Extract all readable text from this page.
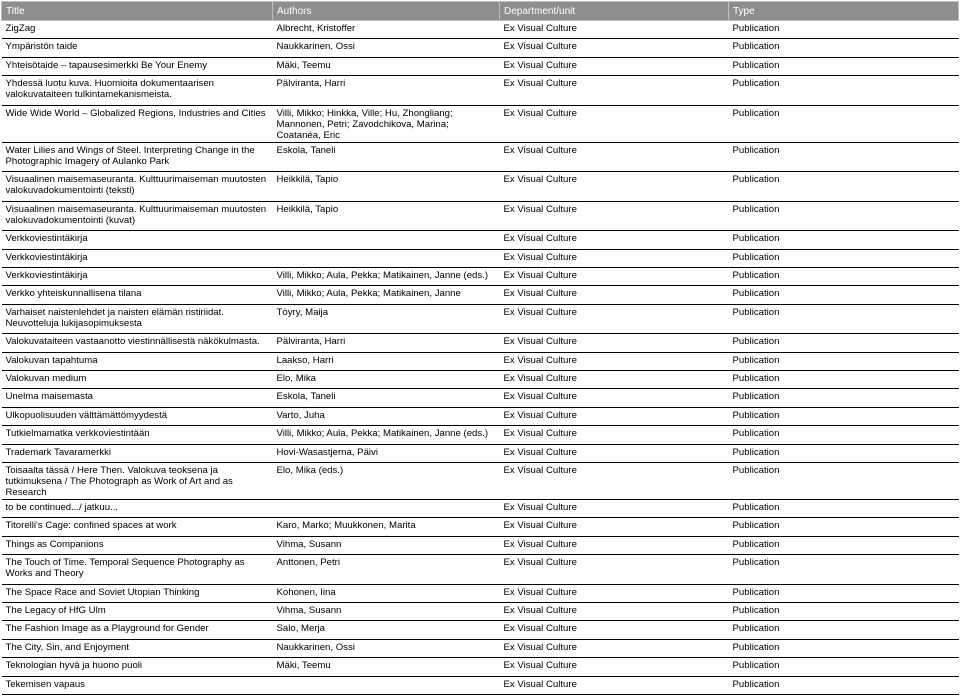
Title	Authors	Department/unit	Type
ZigZag	Albrecht, Kristoffer	Ex Visual Culture	Publication
Ympäristön taide	Naukkarinen, Ossi	Ex Visual Culture	Publication
Yhteisötaide – tapausesimerkki Be Your Enemy	Mäki, Teemu	Ex Visual Culture	Publication
Yhdessä luotu kuva. Huomioita dokumentaarisen valokuvataiteen tulkintamekanismeista.	Pälviranta, Harri	Ex Visual Culture	Publication
Wide Wide World – Globalized Regions, Industries and Cities	Villi, Mikko; Hinkka, Ville; Hu, Zhongliang; Mannonen, Petri; Zavodchikova, Marina; Coatanéa, Eric	Ex Visual Culture	Publication
Water Lilies and Wings of Steel. Interpreting Change in the Photographic Imagery of Aulanko Park	Eskola, Taneli	Ex Visual Culture	Publication
Visuaalinen maisemaseuranta. Kulttuurimaiseman muutosten valokuvadokumentointi (teksti)	Heikkilä, Tapio	Ex Visual Culture	Publication
Visuaalinen maisemaseuranta. Kulttuurimaiseman muutosten valokuvadokumentointi (kuvat)	Heikkilä, Tapio	Ex Visual Culture	Publication
Verkkoviestintäkirja		Ex Visual Culture	Publication
Verkkoviestintäkirja		Ex Visual Culture	Publication
Verkkoviestintäkirja	Villi, Mikko; Aula, Pekka; Matikainen, Janne (eds.)	Ex Visual Culture	Publication
Verkko yhteiskunnallisena tilana	Villi, Mikko; Aula, Pekka; Matikainen, Janne	Ex Visual Culture	Publication
Varhaiset naistenlehdet ja naisten elämän ristiriidat. Neuvotteluja lukijasopimuksesta	Töyry, Maija	Ex Visual Culture	Publication
Valokuvataiteen vastaanotto viestinnällisestä näkökulmasta.	Pälviranta, Harri	Ex Visual Culture	Publication
Valokuvan tapahtuma	Laakso, Harri	Ex Visual Culture	Publication
Valokuvan medium	Elo, Mika	Ex Visual Culture	Publication
Unelma maisemasta	Eskola, Taneli	Ex Visual Culture	Publication
Ulkopuolisuuden välttämättömyydestä	Varto, Juha	Ex Visual Culture	Publication
Tutkielmamatka verkkoviestintään	Villi, Mikko; Aula, Pekka; Matikainen, Janne (eds.)	Ex Visual Culture	Publication
Trademark Tavaramerkki	Hovi-Wasastjerna, Päivi	Ex Visual Culture	Publication
Toisaalta tässä / Here Then. Valokuva teoksena ja tutkimuksena / The Photograph as Work of Art and as Research	Elo, Mika (eds.)	Ex Visual Culture	Publication
to be continued.../ jatkuu...		Ex Visual Culture	Publication
Titorelli's Cage: confined spaces at work	Karo, Marko; Muukkonen, Marita	Ex Visual Culture	Publication
Things as Companions	Vihma, Susann	Ex Visual Culture	Publication
The Touch of Time. Temporal Sequence Photography as Works and Theory	Anttonen, Petri	Ex Visual Culture	Publication
The Space Race and Soviet Utopian Thinking	Kohonen, Iina	Ex Visual Culture	Publication
The Legacy of HfG Ulm	Vihma, Susann	Ex Visual Culture	Publication
The Fashion Image as a Playground for Gender	Salo, Merja	Ex Visual Culture	Publication
The City, Sin, and Enjoyment	Naukkarinen, Ossi	Ex Visual Culture	Publication
Teknologian hyvä ja huono puoli	Mäki, Teemu	Ex Visual Culture	Publication
Tekemisen vapaus		Ex Visual Culture	Publication
